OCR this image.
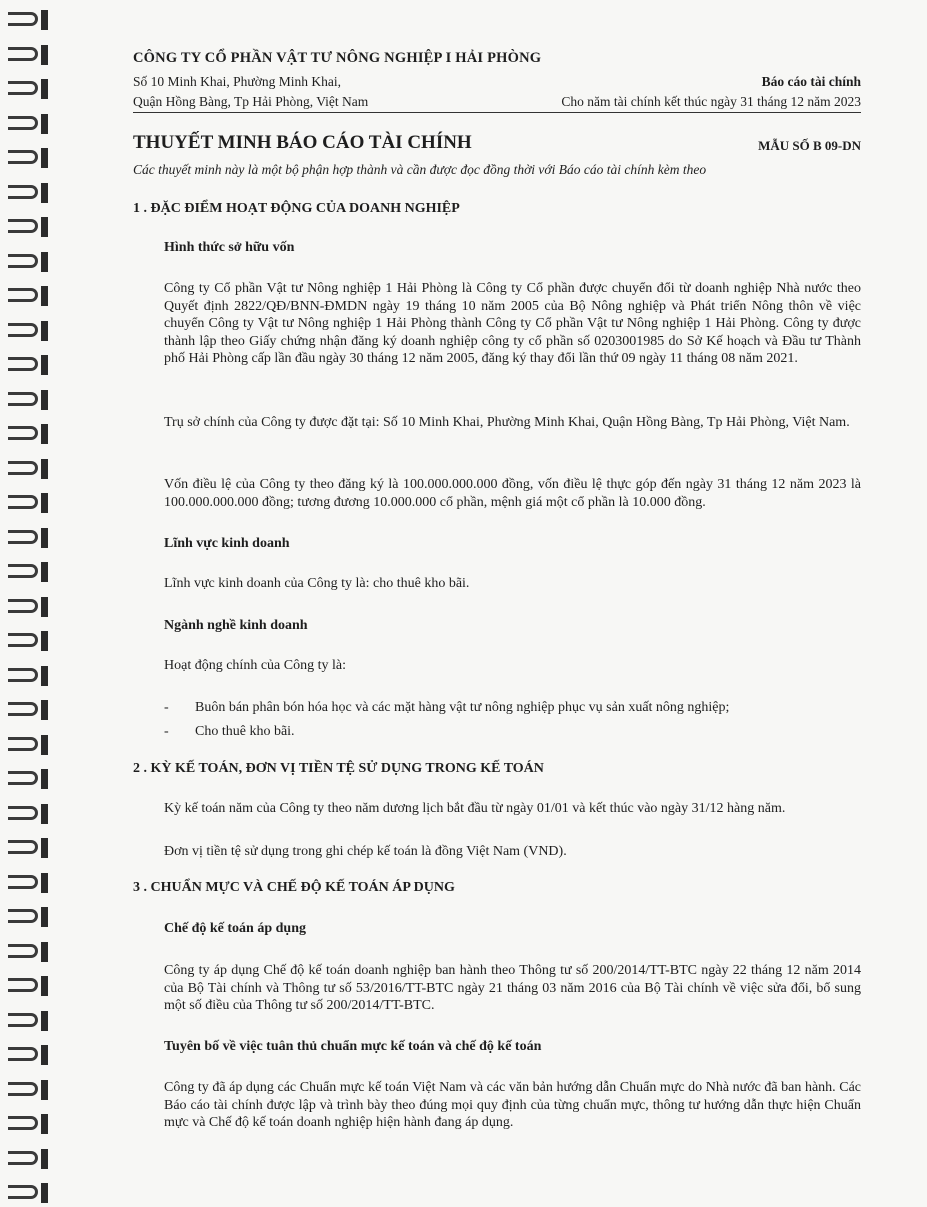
CÔNG TY CỔ PHẦN VẬT TƯ NÔNG NGHIỆP I HẢI PHÒNG
Số 10 Minh Khai, Phường Minh Khai,
Quận Hồng Bàng, Tp Hải Phòng, Việt Nam
Báo cáo tài chính
Cho năm tài chính kết thúc ngày 31 tháng 12 năm 2023
THUYẾT MINH BÁO CÁO TÀI CHÍNH	MẪU SỐ B 09-DN
Các thuyết minh này là một bộ phận hợp thành và cần được đọc đồng thời với Báo cáo tài chính kèm theo
1 . ĐẶC ĐIỂM HOẠT ĐỘNG CỦA DOANH NGHIỆP
Hình thức sở hữu vốn
Công ty Cổ phần Vật tư Nông nghiệp 1 Hải Phòng là Công ty Cổ phần được chuyển đổi từ doanh nghiệp Nhà nước theo Quyết định 2822/QĐ/BNN-ĐMDN ngày 19 tháng 10 năm 2005 của Bộ Nông nghiệp và Phát triển Nông thôn về việc chuyển Công ty Vật tư Nông nghiệp 1 Hải Phòng thành Công ty Cổ phần Vật tư Nông nghiệp 1 Hải Phòng. Công ty được thành lập theo Giấy chứng nhận đăng ký doanh nghiệp công ty cổ phần số 0203001985 do Sở Kế hoạch và Đầu tư Thành phố Hải Phòng cấp lần đầu ngày 30 tháng 12 năm 2005, đăng ký thay đổi lần thứ 09 ngày 11 tháng 08 năm 2021.
Trụ sở chính của Công ty được đặt tại: Số 10 Minh Khai, Phường Minh Khai, Quận Hồng Bàng, Tp Hải Phòng, Việt Nam.
Vốn điều lệ của Công ty theo đăng ký là 100.000.000.000 đồng, vốn điều lệ thực góp đến ngày 31 tháng 12 năm 2023 là 100.000.000.000 đồng; tương đương 10.000.000 cổ phần, mệnh giá một cổ phần là 10.000 đồng.
Lĩnh vực kinh doanh
Lĩnh vực kinh doanh của Công ty là: cho thuê kho bãi.
Ngành nghề kinh doanh
Hoạt động chính của Công ty là:
- Buôn bán phân bón hóa học và các mặt hàng vật tư nông nghiệp phục vụ sản xuất nông nghiệp;
- Cho thuê kho bãi.
2 . KỲ KẾ TOÁN, ĐƠN VỊ TIỀN TỆ SỬ DỤNG TRONG KẾ TOÁN
Kỳ kế toán năm của Công ty theo năm dương lịch bắt đầu từ ngày 01/01 và kết thúc vào ngày 31/12 hàng năm.
Đơn vị tiền tệ sử dụng trong ghi chép kế toán là đồng Việt Nam (VND).
3 . CHUẨN MỰC VÀ CHẾ ĐỘ KẾ TOÁN ÁP DỤNG
Chế độ kế toán áp dụng
Công ty áp dụng Chế độ kế toán doanh nghiệp ban hành theo Thông tư số 200/2014/TT-BTC ngày 22 tháng 12 năm 2014 của Bộ Tài chính và Thông tư số 53/2016/TT-BTC ngày 21 tháng 03 năm 2016 của Bộ Tài chính về việc sửa đổi, bổ sung một số điều của Thông tư số 200/2014/TT-BTC.
Tuyên bố về việc tuân thủ chuẩn mực kế toán và chế độ kế toán
Công ty đã áp dụng các Chuẩn mực kế toán Việt Nam và các văn bản hướng dẫn Chuẩn mực do Nhà nước đã ban hành. Các Báo cáo tài chính được lập và trình bày theo đúng mọi quy định của từng chuẩn mực, thông tư hướng dẫn thực hiện Chuẩn mực và Chế độ kế toán doanh nghiệp hiện hành đang áp dụng.
